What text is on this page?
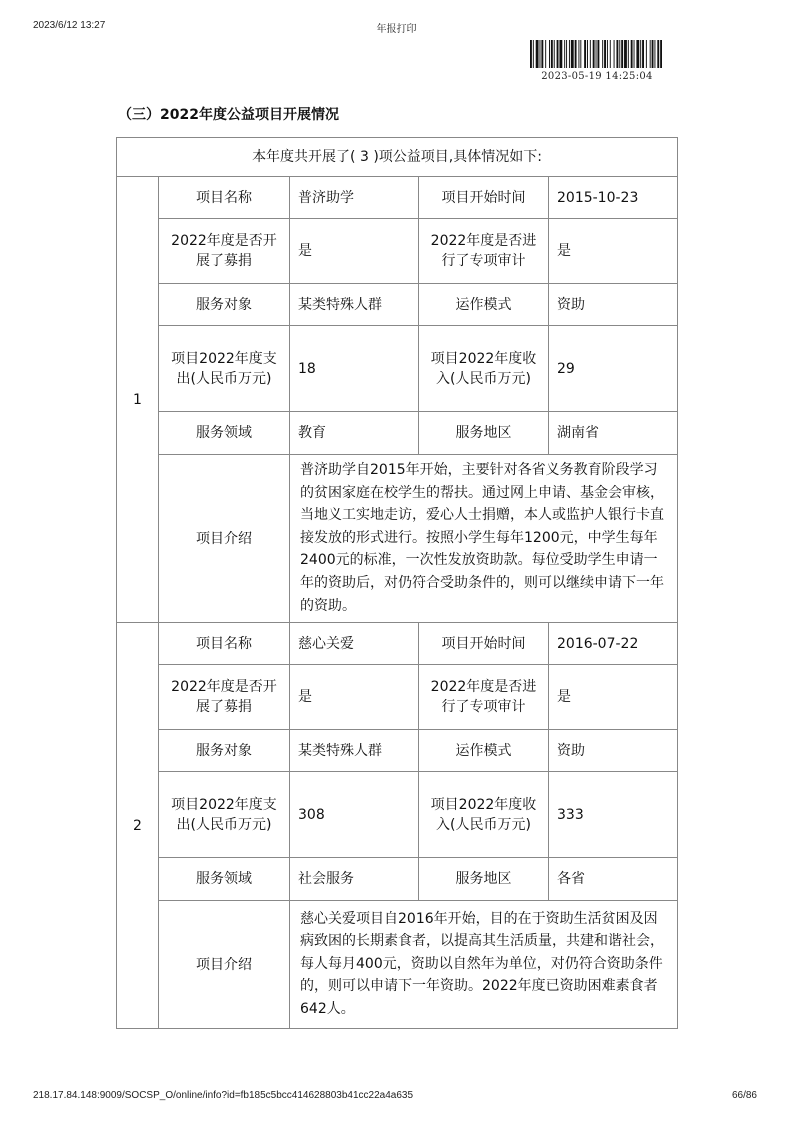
2023/6/12 13:27	年报打印
2023-05-19 14:25:04
（三）2022年度公益项目开展情况
本年度共开展了( 3 )项公益项目,具体情况如下:				
1	项目名称	普济助学	项目开始时间	2015-10-23
	2022年度是否开展了募捐	是	2022年度是否进行了专项审计	是
	服务对象	某类特殊人群	运作模式	资助
	项目2022年度支出(人民币万元)	18	项目2022年度收入(人民币万元)	29
	服务领域	教育	服务地区	湖南省
	项目介绍	普济助学自2015年开始，主要针对各省义务教育阶段学习的贫困家庭在校学生的帮扶。通过网上申请、基金会审核，当地义工实地走访，爱心人士捐赠，本人或监护人银行卡直接发放的形式进行。按照小学生每年1200元，中学生每年2400元的标准，一次性发放资助款。每位受助学生申请一年的资助后，对仍符合受助条件的，则可以继续申请下一年的资助。		
2	项目名称	慈心关爱	项目开始时间	2016-07-22
	2022年度是否开展了募捐	是	2022年度是否进行了专项审计	是
	服务对象	某类特殊人群	运作模式	资助
	项目2022年度支出(人民币万元)	308	项目2022年度收入(人民币万元)	333
	服务领域	社会服务	服务地区	各省
	项目介绍	慈心关爱项目自2016年开始，目的在于资助生活贫困及因病致困的长期素食者，以提高其生活质量，共建和谐社会，每人每月400元，资助以自然年为单位，对仍符合资助条件的，则可以申请下一年资助。2022年度已资助困难素食者642人。		
218.17.84.148:9009/SOCSP_O/online/info?id=fb185c5bcc414628803b41cc22a4a635	66/86
